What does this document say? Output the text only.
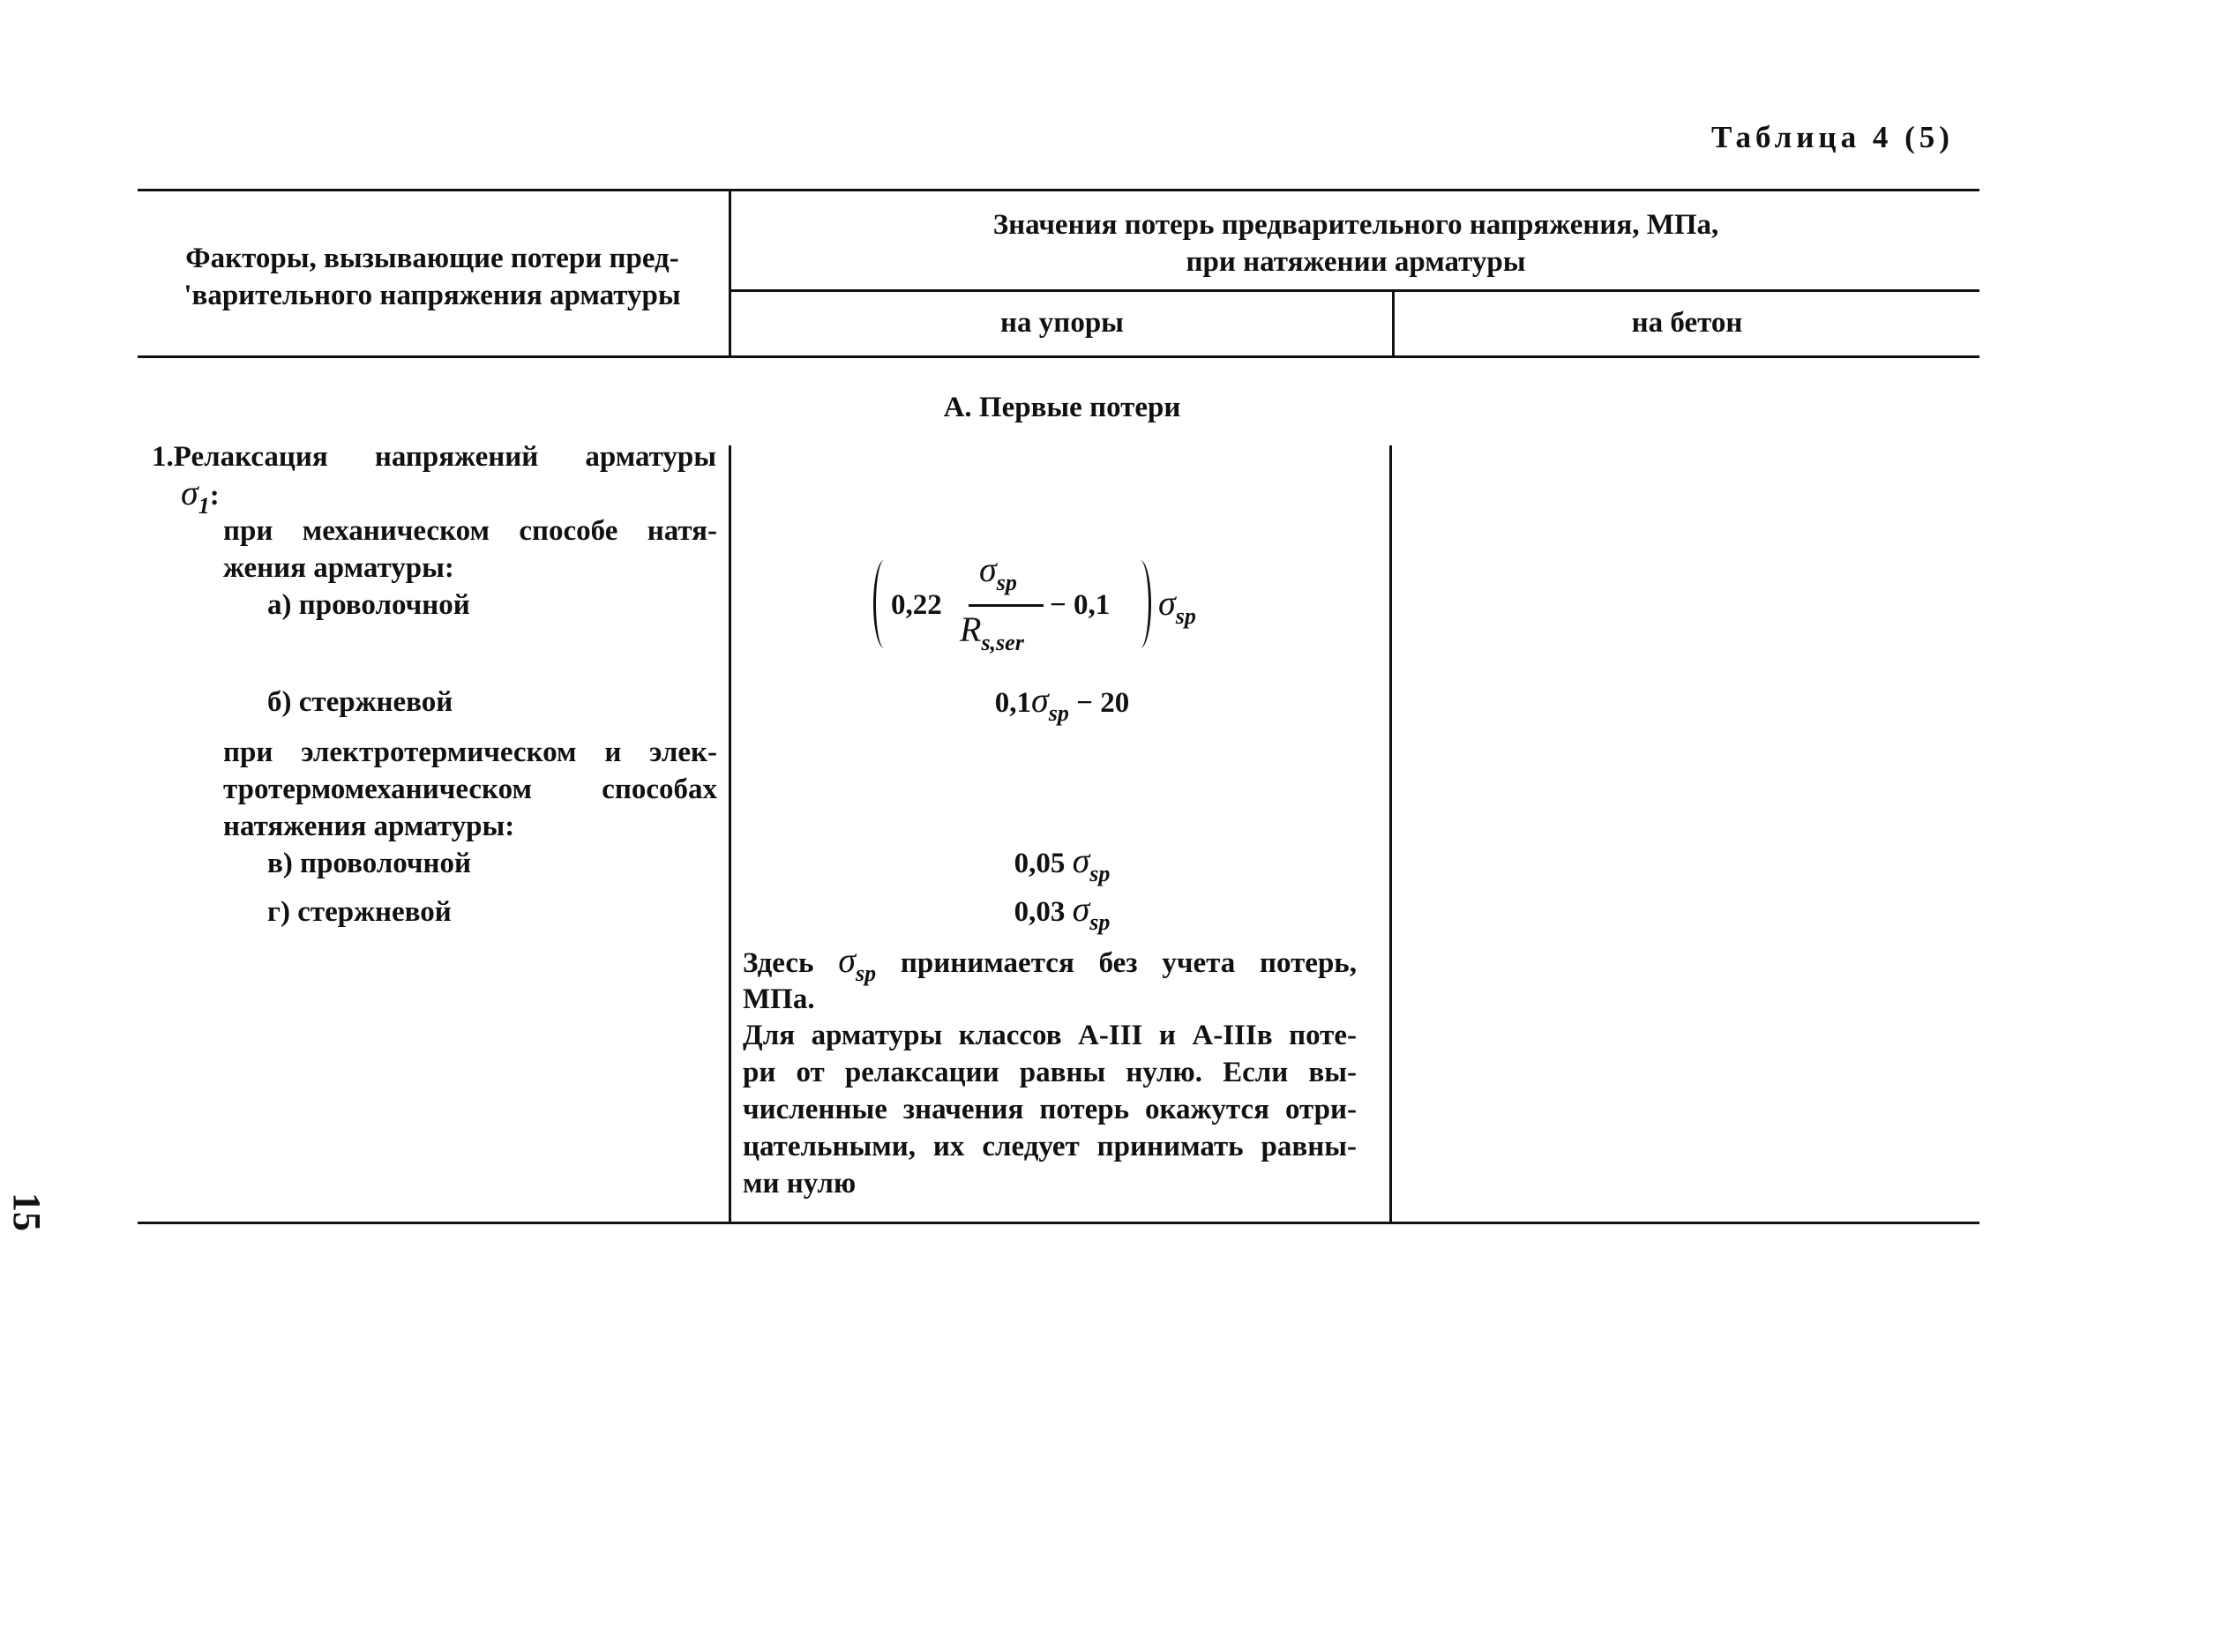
Таблица 4 (5)
15
Факторы, вызывающие потери пред-
'варительного напряжения арматуры
Значения потерь предварительного напряжения, МПа,
при натяжении арматуры
на упоры	на бетон
А. Первые потери
1.Релаксация напряжений арматуры
$\sigma_1$:
при механическом способе натя-
жения арматуры:
а) проволочной
б) стержневой
при электротермическом и элек-
тротермомеханическом способах
натяжения арматуры:
в) проволочной
г) стержневой
0,22
$\sigma_{sp}$
$R_{s,ser}$
− 0,1 $\sigma_{sp}$
$0,1\sigma_{sp} - 20$
0,05 $\sigma_{sp}$
0,03 $\sigma_{sp}$
Здесь $\sigma_{sp}$ принимается без учета потерь,
МПа.
Для арматуры классов А-III и А-IIIв поте-
ри от релаксации равны нулю. Если вы-
численные значения потерь окажутся отри-
цательными, их следует принимать равны-
ми нулю
